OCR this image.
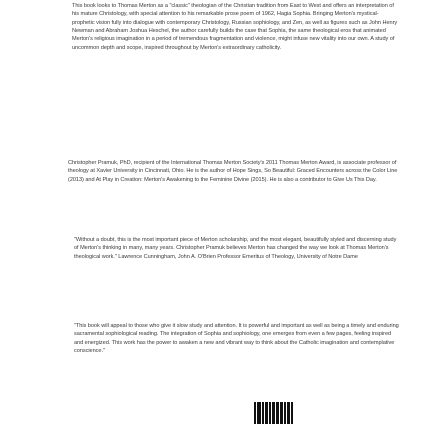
This book looks to Thomas Merton as a "classic" theologian of the Christian tradition from East to West and offers an interpretation of his mature Christology, with special attention to his remarkable prose poem of 1962, Hagia Sophia. Bringing Merton's mystical-prophetic vision fully into dialogue with contemporary Christology, Russian sophiology, and Zen, as well as figures such as John Henry Newman and Abraham Joshua Heschel, the author carefully builds the case that Sophia, the same theological eros that animated Merton's religious imagination in a period of tremendous fragmentation and violence, might infuse new vitality into our own. A study of uncommon depth and scope, inspired throughout by Merton's extraordinary catholicity.

Christopher Pramuk, PhD, recipient of the International Thomas Merton Society's 2011 Thomas Merton Award, is associate professor of theology at Xavier University in Cincinnati, Ohio. He is the author of Hope Sings, So Beautiful: Graced Encounters across the Color Line (2013) and At Play in Creation: Merton's Awakening to the Feminine Divine (2015). He is also a contributor to Give Us This Day.

"Without a doubt, this is the most important piece of Merton scholarship, and the most elegant, beautifully styled and discerning study of Merton's thinking in many, many years. Christopher Pramuk believes Merton has changed the way we look at Thomas Merton's theological work." Lawrence Cunningham, John A. O'Brien Professor Emeritus of Theology, University of Notre Dame

"This book will appeal to those who give it slow study and attention. It is powerful and important as well as being a timely and enduring sacramental sophiological reading. The integration of Sophia and sophiology, one emerges from even a few pages, feeling inspired and energized. This work has the power to awaken a new and vibrant way to think about the Catholic imagination and contemplative conscience."
